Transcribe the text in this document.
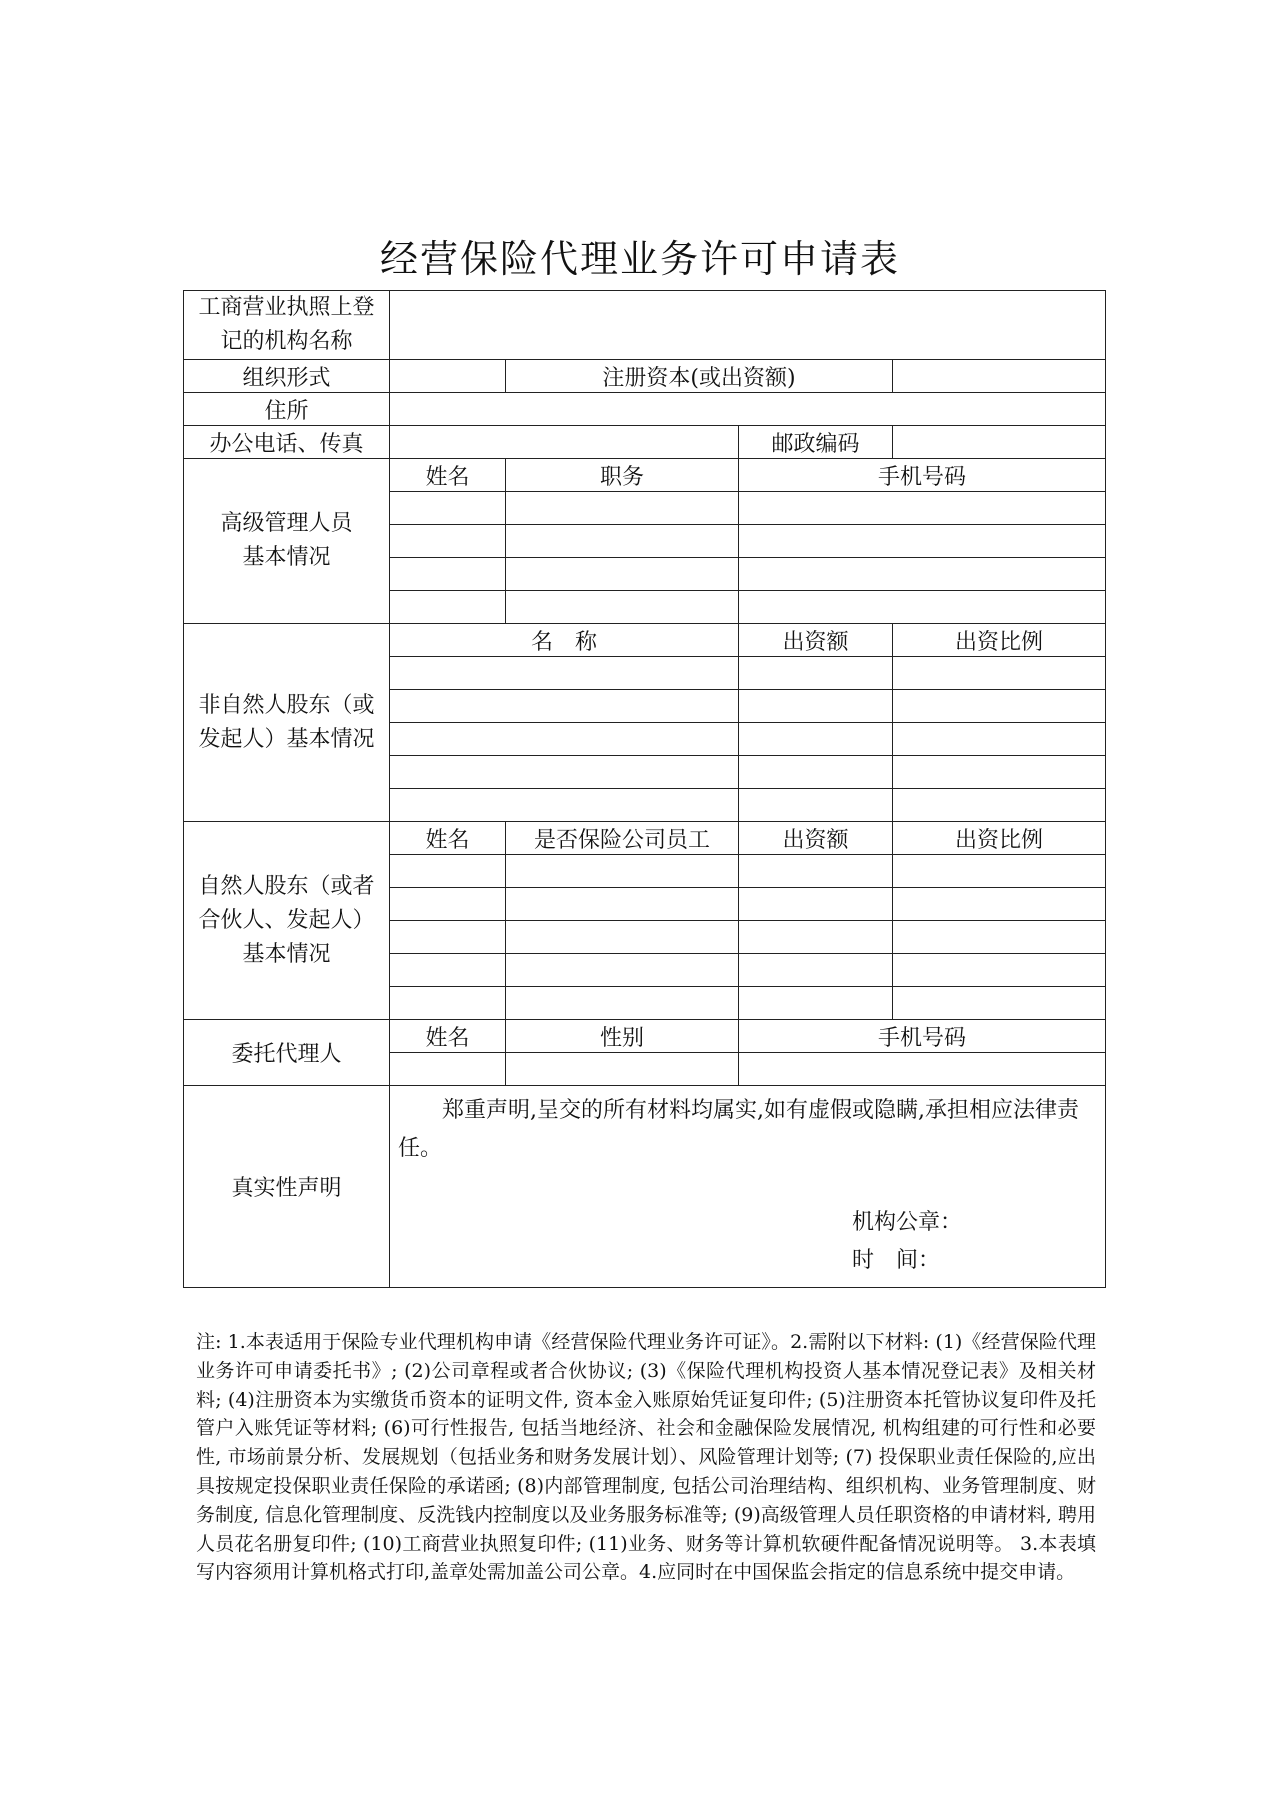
经营保险代理业务许可申请表
工商营业执照上登记的机构名称				
组织形式		注册资本(或出资额)		
住所				
办公电话、传真			邮政编码	
高级管理人员基本情况	姓名	职务	手机号码	

非自然人股东（或发起人）基本情况	名　称		出资额	出资比例

自然人股东（或者合伙人、发起人）基本情况	姓名	是否保险公司员工	出资额	出资比例

委托代理人	姓名	性别	手机号码	

真实性声明	郑重声明,呈交的所有材料均属实,如有虚假或隐瞒,承担相应法律责任。
机构公章：
时 间：			
注: 1.本表适用于保险专业代理机构申请《经营保险代理业务许可证》。2.需附以下材料: (1)《经营保险代理业务许可申请委托书》; (2)公司章程或者合伙协议; (3)《保险代理机构投资人基本情况登记表》及相关材料; (4)注册资本为实缴货币资本的证明文件, 资本金入账原始凭证复印件; (5)注册资本托管协议复印件及托管户入账凭证等材料; (6)可行性报告, 包括当地经济、社会和金融保险发展情况, 机构组建的可行性和必要性, 市场前景分析、发展规划（包括业务和财务发展计划）、风险管理计划等; (7) 投保职业责任保险的,应出具按规定投保职业责任保险的承诺函; (8)内部管理制度, 包括公司治理结构、组织机构、业务管理制度、财务制度, 信息化管理制度、反洗钱内控制度以及业务服务标准等; (9)高级管理人员任职资格的申请材料, 聘用人员花名册复印件; (10)工商营业执照复印件; (11)业务、财务等计算机软硬件配备情况说明等。 3.本表填写内容须用计算机格式打印,盖章处需加盖公司公章。4.应同时在中国保监会指定的信息系统中提交申请。
